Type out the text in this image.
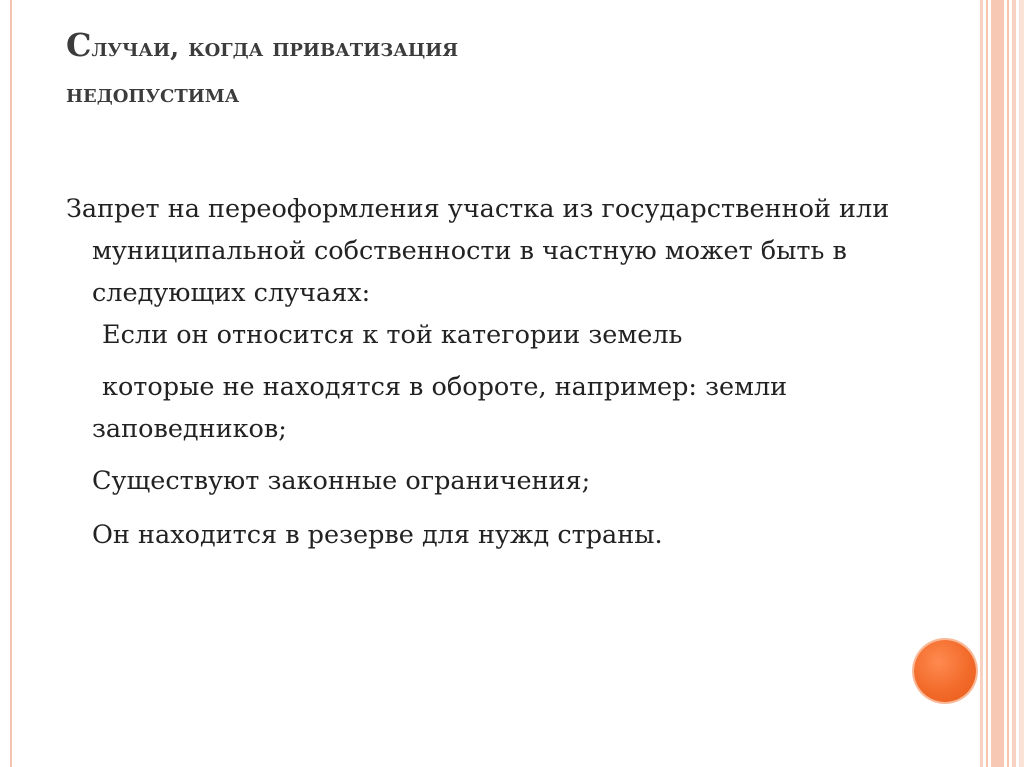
Случаи, когда приватизация
недопустима

Запрет на переоформления участка из государственной или муниципальной собственности в частную может быть в следующих случаях:

Если он относится к той категории земель

которые не находятся в обороте, например: земли заповедников;

Существуют законные ограничения;

Он находится в резерве для нужд страны.
